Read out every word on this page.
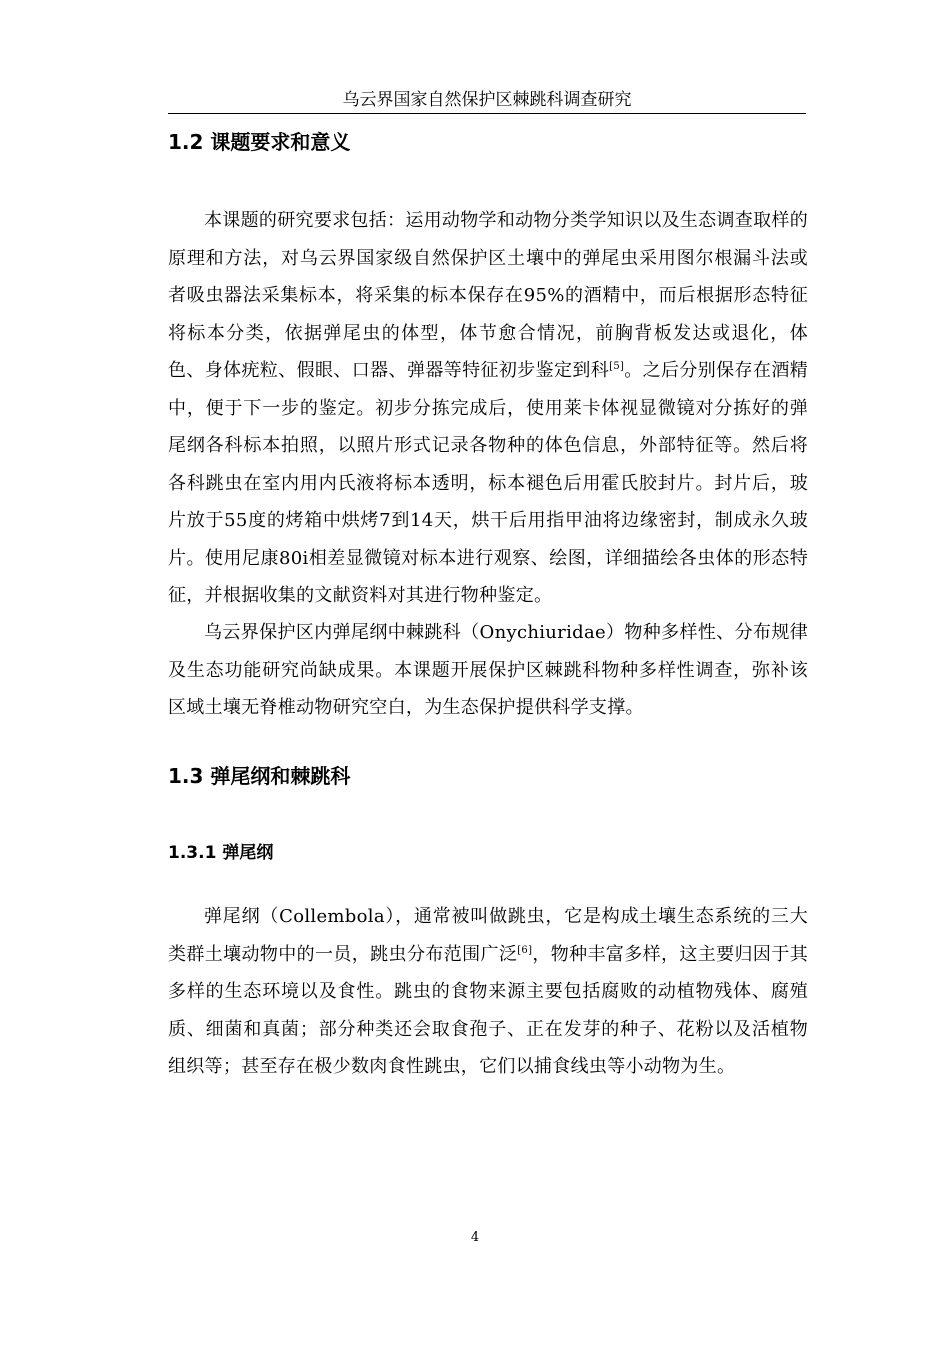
乌云界国家自然保护区棘跳科调查研究
1.2 课题要求和意义

本课题的研究要求包括：运用动物学和动物分类学知识以及生态调查取样的原理和方法，对乌云界国家级自然保护区土壤中的弹尾虫采用图尔根漏斗法或者吸虫器法采集标本，将采集的标本保存在95%的酒精中，而后根据形态特征将标本分类，依据弹尾虫的体型，体节愈合情况，前胸背板发达或退化，体色、身体疣粒、假眼、口器、弹器等特征初步鉴定到科[5]。之后分别保存在酒精中，便于下一步的鉴定。初步分拣完成后，使用莱卡体视显微镜对分拣好的弹尾纲各科标本拍照，以照片形式记录各物种的体色信息，外部特征等。然后将各科跳虫在室内用内氏液将标本透明，标本褪色后用霍氏胶封片。封片后，玻片放于55度的烤箱中烘烤7到14天，烘干后用指甲油将边缘密封，制成永久玻片。使用尼康80i相差显微镜对标本进行观察、绘图，详细描绘各虫体的形态特征，并根据收集的文献资料对其进行物种鉴定。

乌云界保护区内弹尾纲中棘跳科（Onychiuridae）物种多样性、分布规律及生态功能研究尚缺成果。本课题开展保护区棘跳科物种多样性调查，弥补该区域土壤无脊椎动物研究空白，为生态保护提供科学支撑。

1.3 弹尾纲和棘跳科
1.3.1 弹尾纲

弹尾纲（Collembola），通常被叫做跳虫，它是构成土壤生态系统的三大类群土壤动物中的一员，跳虫分布范围广泛[6]，物种丰富多样，这主要归因于其多样的生态环境以及食性。跳虫的食物来源主要包括腐败的动植物残体、腐殖质、细菌和真菌；部分种类还会取食孢子、正在发芽的种子、花粉以及活植物组织等；甚至存在极少数肉食性跳虫，它们以捕食线虫等小动物为生。

4
